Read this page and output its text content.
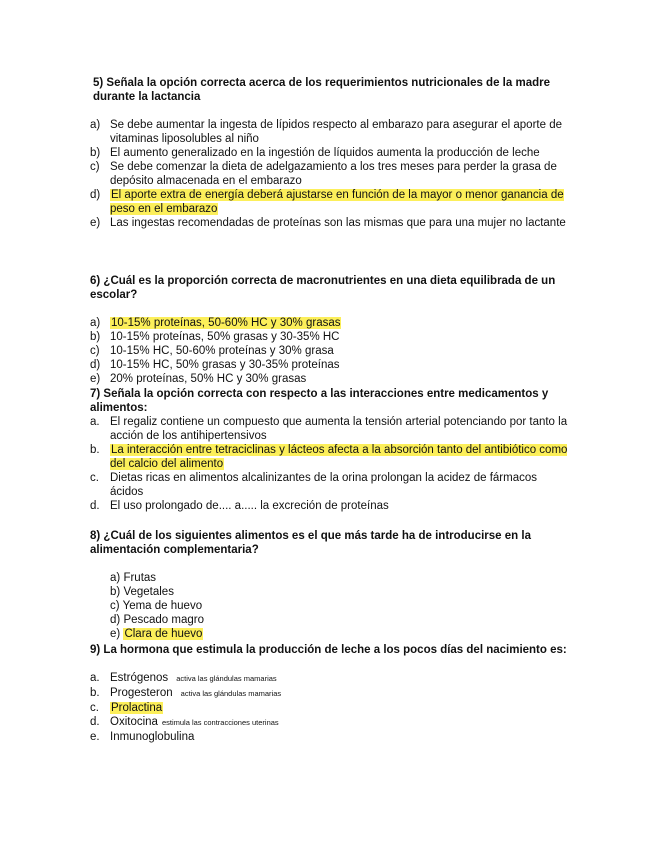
5) Señala la opción correcta acerca de los requerimientos nutricionales de la madre durante la lactancia

a) Se debe aumentar la ingesta de lípidos respecto al embarazo para asegurar el aporte de vitaminas liposolubles al niño
b) El aumento generalizado en la ingestión de líquidos aumenta la producción de leche
c) Se debe comenzar la dieta de adelgazamiento a los tres meses para perder la grasa de depósito almacenada en el embarazo
d) El aporte extra de energía deberá ajustarse en función de la mayor o menor ganancia de peso en el embarazo
e) Las ingestas recomendadas de proteínas son las mismas que para una mujer no lactante

6) ¿Cuál es la proporción correcta de macronutrientes en una dieta equilibrada de un escolar?

a) 10-15% proteínas, 50-60% HC y 30% grasas
b) 10-15% proteínas, 50% grasas y 30-35% HC
c) 10-15% HC, 50-60% proteínas y 30% grasa
d) 10-15% HC, 50% grasas y 30-35% proteínas
e) 20% proteínas, 50% HC y 30% grasas

7) Señala la opción correcta con respecto a las interacciones entre medicamentos y alimentos:

a. El regaliz contiene un compuesto que aumenta la tensión arterial potenciando por tanto la acción de los antihipertensivos
b. La interacción entre tetraciclinas y lácteos afecta a la absorción tanto del antibiótico como del calcio del alimento
c. Dietas ricas en alimentos alcalinizantes de la orina prolongan la acidez de fármacos ácidos
d. El uso prolongado de.... a..... la excreción de proteínas

8) ¿Cuál de los siguientes alimentos es el que más tarde ha de introducirse en la alimentación complementaria?

a) Frutas
b) Vegetales
c) Yema de huevo
d) Pescado magro
e) Clara de huevo

9) La hormona que estimula la producción de leche a los pocos días del nacimiento es:

a. Estrógenos activa las glándulas mamarias
b. Progesteron activa las glándulas mamarias
c. Prolactina
d. Oxitocina estimula las contracciones uterinas
e. Inmunoglobulina
